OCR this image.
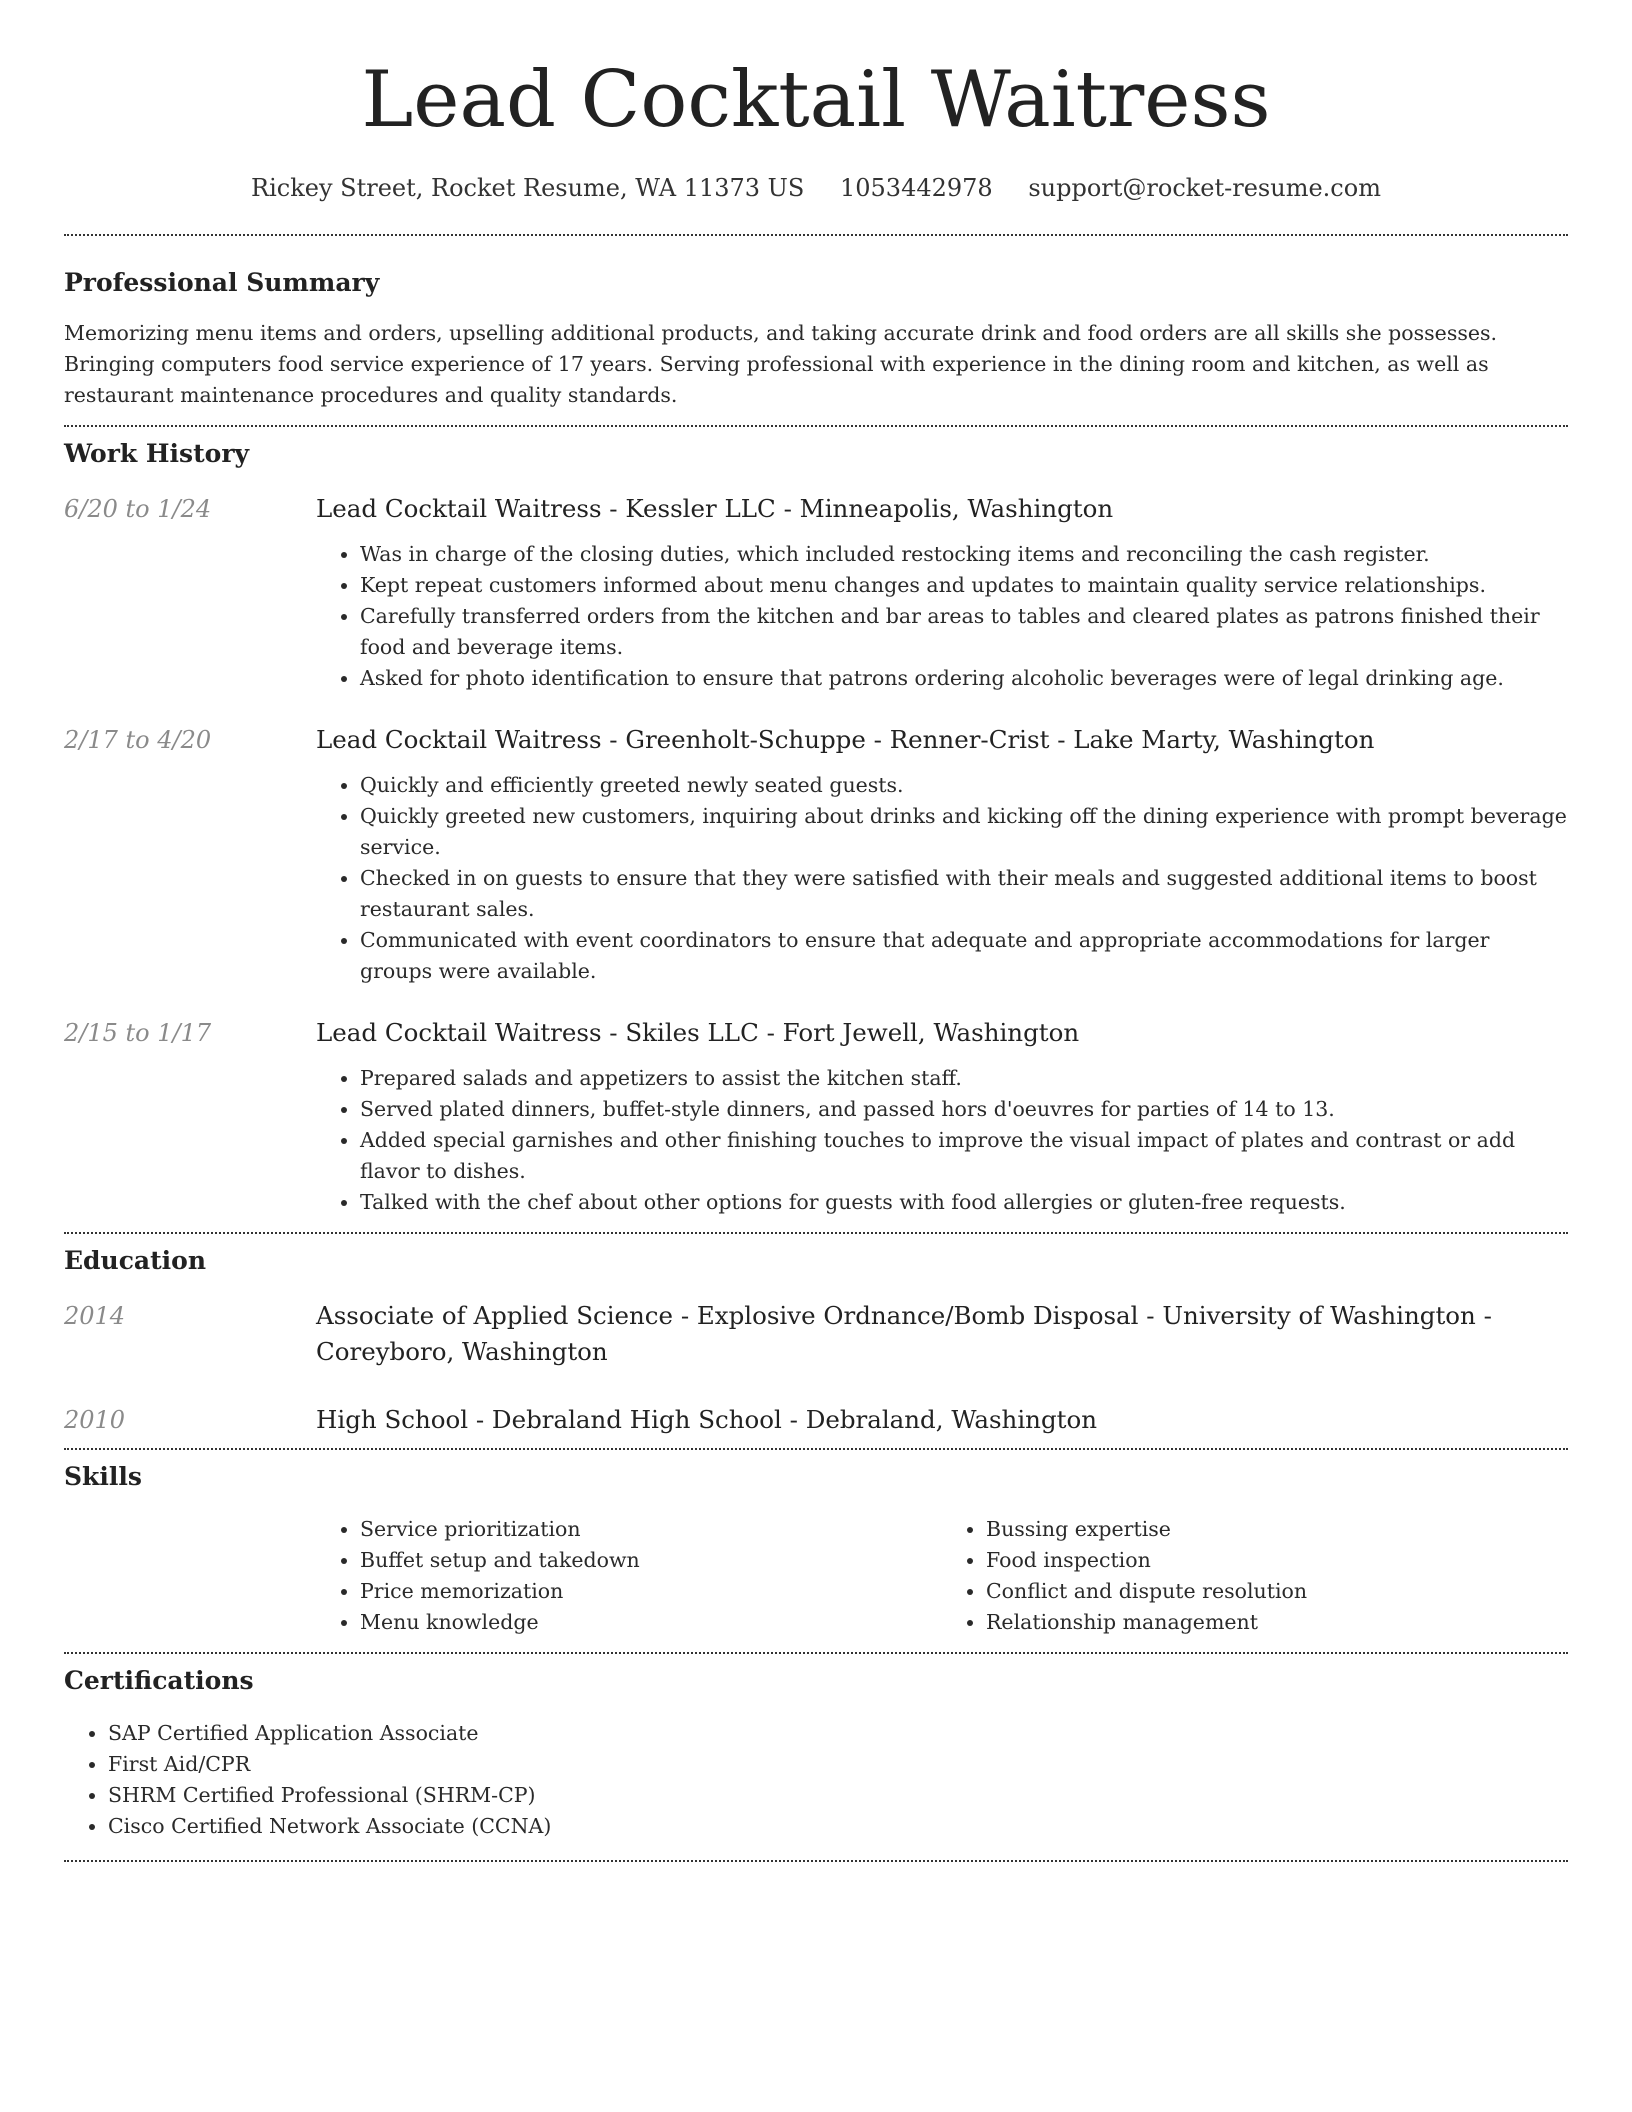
Lead Cocktail Waitress
Rickey Street, Rocket Resume, WA 11373 US 1053442978 support@rocket-resume.com
Professional Summary

Memorizing menu items and orders, upselling additional products, and taking accurate drink and food orders are all skills she possesses. Bringing computers food service experience of 17 years. Serving professional with experience in the dining room and kitchen, as well as restaurant maintenance procedures and quality standards.

Work History
6/20 to 1/24	Lead Cocktail Waitress - Kessler LLC - Minneapolis, Washington
• Was in charge of the closing duties, which included restocking items and reconciling the cash register.
• Kept repeat customers informed about menu changes and updates to maintain quality service relationships.
• Carefully transferred orders from the kitchen and bar areas to tables and cleared plates as patrons finished their food and beverage items.
• Asked for photo identification to ensure that patrons ordering alcoholic beverages were of legal drinking age.
2/17 to 4/20	Lead Cocktail Waitress - Greenholt-Schuppe - Renner-Crist - Lake Marty, Washington
• Quickly and efficiently greeted newly seated guests.
• Quickly greeted new customers, inquiring about drinks and kicking off the dining experience with prompt beverage service.
• Checked in on guests to ensure that they were satisfied with their meals and suggested additional items to boost restaurant sales.
• Communicated with event coordinators to ensure that adequate and appropriate accommodations for larger groups were available.
2/15 to 1/17	Lead Cocktail Waitress - Skiles LLC - Fort Jewell, Washington
• Prepared salads and appetizers to assist the kitchen staff.
• Served plated dinners, buffet-style dinners, and passed hors d'oeuvres for parties of 14 to 13.
• Added special garnishes and other finishing touches to improve the visual impact of plates and contrast or add flavor to dishes.
• Talked with the chef about other options for guests with food allergies or gluten-free requests.
Education
2014	Associate of Applied Science - Explosive Ordnance/Bomb Disposal - University of Washington - Coreyboro, Washington
2010	High School - Debraland High School - Debraland, Washington
Skills
• Service prioritization
• Buffet setup and takedown
• Price memorization
• Menu knowledge
• Bussing expertise
• Food inspection
• Conflict and dispute resolution
• Relationship management
Certifications
• SAP Certified Application Associate
• First Aid/CPR
• SHRM Certified Professional (SHRM-CP)
• Cisco Certified Network Associate (CCNA)
